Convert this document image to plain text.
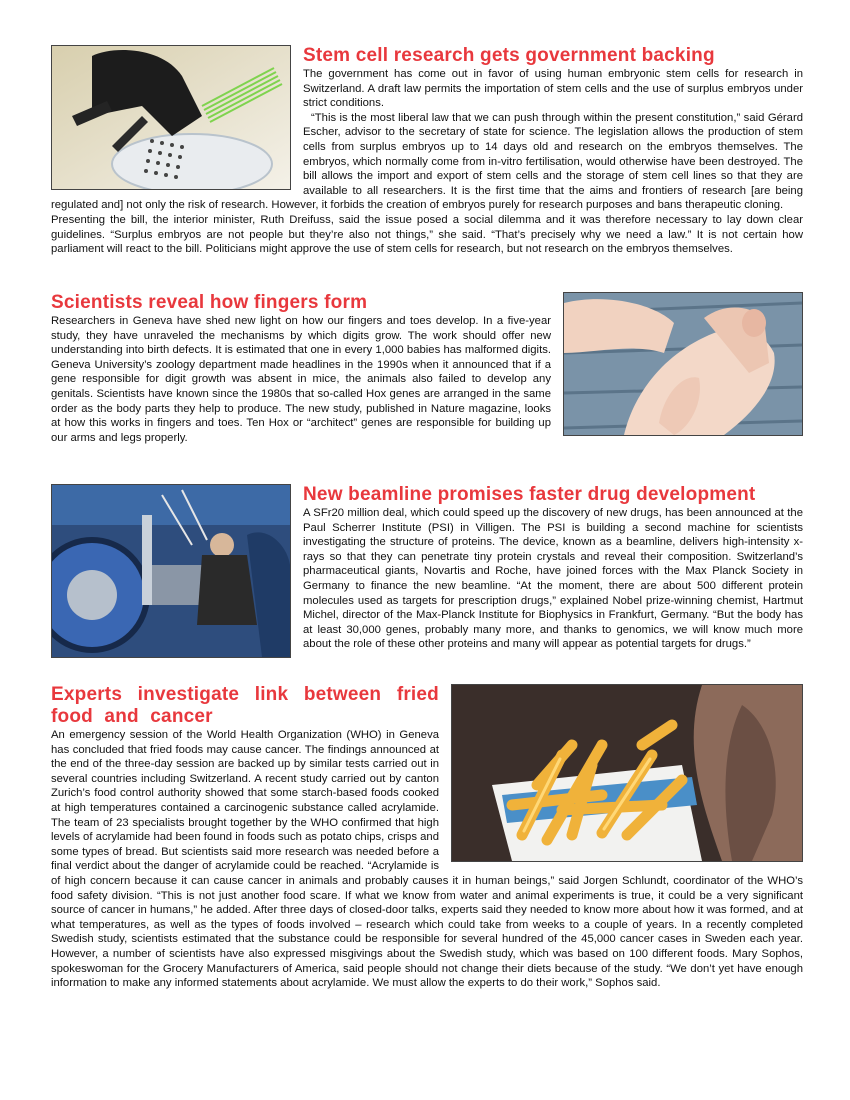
Stem cell research gets government backing

The government has come out in favor of using human embryonic stem cells for research in Switzerland. A draft law permits the importation of stem cells and the use of surplus embryos under strict conditions.

“This is the most liberal law that we can push through within the present constitution,” said Gérard Escher, advisor to the secretary of state for science. The legislation allows the production of stem cells from surplus embryos up to 14 days old and research on the embryos themselves. The embryos, which normally come from in-vitro fertilisation, would otherwise have been destroyed. The bill allows the import and export of stem cells and the storage of stem cell lines so that they are available to all researchers. It is the first time that the aims and frontiers of research [are being regulated and] not only the risk of research. However, it forbids the creation of embryos purely for research purposes and bans therapeutic cloning.

Presenting the bill, the interior minister, Ruth Dreifuss, said the issue posed a social dilemma and it was therefore necessary to lay down clear guidelines. “Surplus embryos are not people but they’re also not things,” she said. “That’s precisely why we need a law.” It is not certain how parliament will react to the bill. Politicians might approve the use of stem cells for research, but not research on the embryos themselves.

Scientists reveal how fingers form

Researchers in Geneva have shed new light on how our fingers and toes develop. In a five-year study, they have unraveled the mechanisms by which digits grow. The work should offer new understanding into birth defects. It is estimated that one in every 1,000 babies has malformed digits. Geneva University’s zoology department made headlines in the 1990s when it announced that if a gene responsible for digit growth was absent in mice, the animals also failed to develop any genitals. Scientists have known since the 1980s that so-called Hox genes are arranged in the same order as the body parts they help to produce. The new study, published in Nature magazine, looks at how this works in fingers and toes. Ten Hox or “architect” genes are responsible for building up our arms and legs properly.

New beamline promises faster drug development

A SFr20 million deal, which could speed up the discovery of new drugs, has been announced at the Paul Scherrer Institute (PSI) in Villigen. The PSI is building a second machine for scientists investigating the structure of proteins. The device, known as a beamline, delivers high-intensity x-rays so that they can penetrate tiny protein crystals and reveal their composition. Switzerland’s pharmaceutical giants, Novartis and Roche, have joined forces with the Max Planck Society in Germany to finance the new beamline. “At the moment, there are about 500 different protein molecules used as targets for prescription drugs,” explained Nobel prize-winning chemist, Hartmut Michel, director of the Max-Planck Institute for Biophysics in Frankfurt, Germany. “But the body has at least 30,000 genes, probably many more, and thanks to genomics, we will know much more about the role of these other proteins and many will appear as potential targets for drugs.”

Experts investigate link between fried food and cancer

An emergency session of the World Health Organization (WHO) in Geneva has concluded that fried foods may cause cancer. The findings announced at the end of the three-day session are backed up by similar tests carried out in several countries including Switzerland. A recent study carried out by canton Zurich’s food control authority showed that some starch-based foods cooked at high temperatures contained a carcinogenic substance called acrylamide. The team of 23 specialists brought together by the WHO confirmed that high levels of acrylamide had been found in foods such as potato chips, crisps and some types of bread. But scientists said more research was needed before a final verdict about the danger of acrylamide could be reached. “Acrylamide is of high concern because it can cause cancer in animals and probably causes it in human beings,” said Jorgen Schlundt, coordinator of the WHO’s food safety division. “This is not just another food scare. If what we know from water and animal experiments is true, it could be a very significant source of cancer in humans,” he added. After three days of closed-door talks, experts said they needed to know more about how it was formed, and at what temperatures, as well as the types of foods involved – research which could take from weeks to a couple of years. In a recently completed Swedish study, scientists estimated that the substance could be responsible for several hundred of the 45,000 cancer cases in Sweden each year. However, a number of scientists have also expressed misgivings about the Swedish study, which was based on 100 different foods. Mary Sophos, spokeswoman for the Grocery Manufacturers of America, said people should not change their diets because of the study. “We don’t yet have enough information to make any informed statements about acrylamide. We must allow the experts to do their work,” Sophos said.
